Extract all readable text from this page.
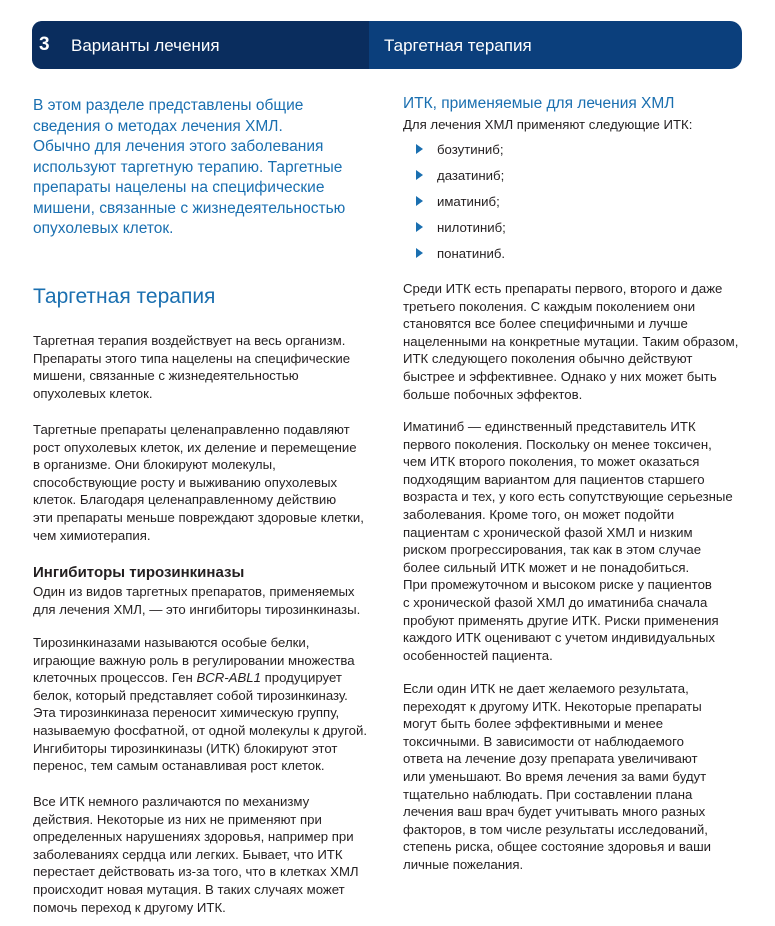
3 Варианты лечения	Таргетная терапия
В этом разделе представлены общие
сведения о методах лечения ХМЛ.
Обычно для лечения этого заболевания
используют таргетную терапию. Таргетные
препараты нацелены на специфические
мишени, связанные с жизнедеятельностью
опухолевых клеток.
Таргетная терапия
Таргетная терапия воздействует на весь организм.
Препараты этого типа нацелены на специфические
мишени, связанные с жизнедеятельностью
опухолевых клеток.
Таргетные препараты целенаправленно подавляют
рост опухолевых клеток, их деление и перемещение
в организме. Они блокируют молекулы,
способствующие росту и выживанию опухолевых
клеток. Благодаря целенаправленному действию
эти препараты меньше повреждают здоровые клетки,
чем химиотерапия.
Ингибиторы тирозинкиназы
Один из видов таргетных препаратов, применяемых
для лечения ХМЛ, — это ингибиторы тирозинкиназы.
Тирозинкиназами называются особые белки,
играющие важную роль в регулировании множества
клеточных процессов. Ген BCR-ABL1 продуцирует
белок, который представляет собой тирозинкиназу.
Эта тирозинкиназа переносит химическую группу,
называемую фосфатной, от одной молекулы к другой.
Ингибиторы тирозинкиназы (ИТК) блокируют этот
перенос, тем самым останавливая рост клеток.
Все ИТК немного различаются по механизму
действия. Некоторые из них не применяют при
определенных нарушениях здоровья, например при
заболеваниях сердца или легких. Бывает, что ИТК
перестает действовать из-за того, что в клетках ХМЛ
происходит новая мутация. В таких случаях может
помочь переход к другому ИТК.
ИТК, применяемые для лечения ХМЛ
Для лечения ХМЛ применяют следующие ИТК:
бозутиниб;
дазатиниб;
иматиниб;
нилотиниб;
понатиниб.
Среди ИТК есть препараты первого, второго и даже
третьего поколения. С каждым поколением они
становятся все более специфичными и лучше
нацеленными на конкретные мутации. Таким образом,
ИТК следующего поколения обычно действуют
быстрее и эффективнее. Однако у них может быть
больше побочных эффектов.
Иматиниб — единственный представитель ИТК
первого поколения. Поскольку он менее токсичен,
чем ИТК второго поколения, то может оказаться
подходящим вариантом для пациентов старшего
возраста и тех, у кого есть сопутствующие серьезные
заболевания. Кроме того, он может подойти
пациентам с хронической фазой ХМЛ и низким
риском прогрессирования, так как в этом случае
более сильный ИТК может и не понадобиться.
При промежуточном и высоком риске у пациентов
с хронической фазой ХМЛ до иматиниба сначала
пробуют применять другие ИТК. Риски применения
каждого ИТК оценивают с учетом индивидуальных
особенностей пациента.
Если один ИТК не дает желаемого результата,
переходят к другому ИТК. Некоторые препараты
могут быть более эффективными и менее
токсичными. В зависимости от наблюдаемого
ответа на лечение дозу препарата увеличивают
или уменьшают. Во время лечения за вами будут
тщательно наблюдать. При составлении плана
лечения ваш врач будет учитывать много разных
факторов, в том числе результаты исследований,
степень риска, общее состояние здоровья и ваши
личные пожелания.
